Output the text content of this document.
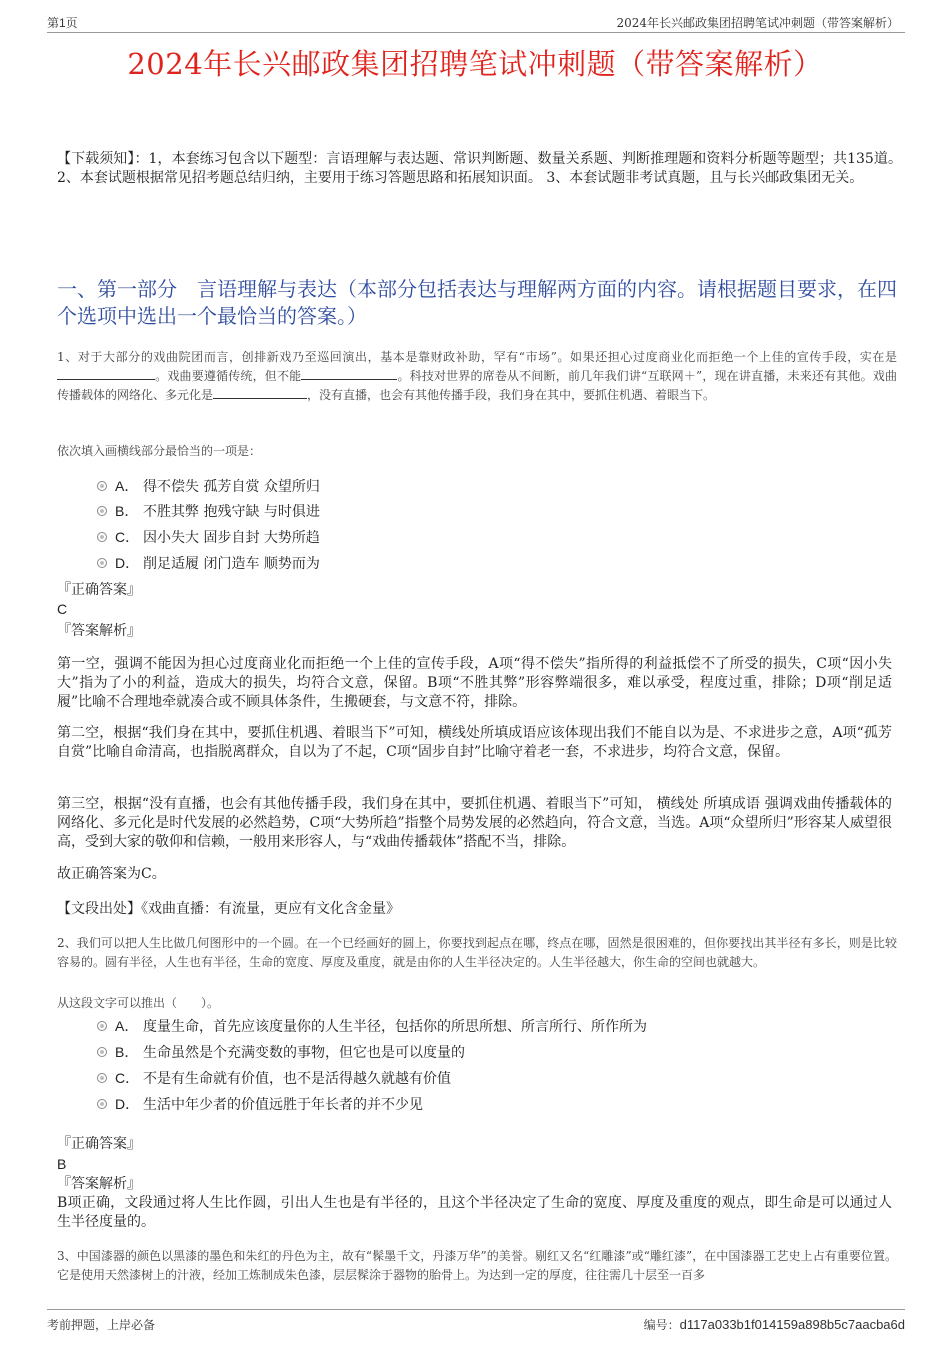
第1页	2024年长兴邮政集团招聘笔试冲刺题（带答案解析）
2024年长兴邮政集团招聘笔试冲刺题（带答案解析）
【下载须知】：1，本套练习包含以下题型：言语理解与表达题、常识判断题、数量关系题、判断推理题和资料分析题等题型；共135道。 2、本套试题根据常见招考题总结归纳，主要用于练习答题思路和拓展知识面。 3、本套试题非考试真题，且与长兴邮政集团无关。
一、第一部分　言语理解与表达（本部分包括表达与理解两方面的内容。请根据题目要求，在四个选项中选出一个最恰当的答案。）
1、对于大部分的戏曲院团而言，创排新戏乃至巡回演出，基本是靠财政补助，罕有“市场”。如果还担心过度商业化而拒绝一个上佳的宣传手段，实在是。戏曲要遵循传统，但不能	。科技对世界的席卷从不间断，前几年我们讲“互联网＋”，现在讲直播，未来还有其他。戏曲传播载体的网络化、多元化是	，没有直播，也会有其他传播手段，我们身在其中，要抓住机遇、着眼当下。
依次填入画横线部分最恰当的一项是：
A． 得不偿失 孤芳自赏 众望所归
B． 不胜其弊 抱残守缺 与时俱进
C． 因小失大 固步自封 大势所趋
D． 削足适履 闭门造车 顺势而为
『正确答案』
C
『答案解析』
第一空，强调不能因为担心过度商业化而拒绝一个上佳的宣传手段，A项“得不偿失”指所得的利益抵偿不了所受的损失，C项“因小失大”指为了小的利益，造成大的损失，均符合文意，保留。B项“不胜其弊”形容弊端很多，难以承受，程度过重，排除；D项“削足适履”比喻不合理地牵就凑合或不顾具体条件，生搬硬套，与文意不符，排除。
第二空，根据“我们身在其中，要抓住机遇、着眼当下”可知，横线处所填成语应该体现出我们不能自以为是、不求进步之意，A项“孤芳自赏”比喻自命清高，也指脱离群众，自以为了不起，C项“固步自封”比喻守着老一套，不求进步，均符合文意，保留。
第三空，根据“没有直播，也会有其他传播手段，我们身在其中，要抓住机遇、着眼当下”可知， 横线处 所填成语 强调戏曲传播载体的网络化、多元化是时代发展的必然趋势，C项“大势所趋”指整个局势发展的必然趋向，符合文意，当选。A项“众望所归”形容某人威望很高，受到大家的敬仰和信赖，一般用来形容人，与“戏曲传播载体”搭配不当，排除。
故正确答案为C。
【文段出处】《戏曲直播：有流量，更应有文化含金量》
2、我们可以把人生比做几何图形中的一个圆。在一个已经画好的圆上，你要找到起点在哪，终点在哪，固然是很困难的，但你要找出其半径有多长，则是比较容易的。圆有半径，人生也有半径，生命的宽度、厚度及重度，就是由你的人生半径决定的。人生半径越大，你生命的空间也就越大。
从这段文字可以推出（　　）。
A． 度量生命，首先应该度量你的人生半径，包括你的所思所想、所言所行、所作所为
B． 生命虽然是个充满变数的事物，但它也是可以度量的
C． 不是有生命就有价值，也不是活得越久就越有价值
D． 生活中年少者的价值远胜于年长者的并不少见
『正确答案』
B
『答案解析』
B项正确，文段通过将人生比作圆，引出人生也是有半径的，且这个半径决定了生命的宽度、厚度及重度的观点，即生命是可以通过人生半径度量的。
3、中国漆器的颜色以黑漆的墨色和朱红的丹色为主，故有“髹墨千文，丹漆万华”的美誉。剔红又名“红雕漆”或“雕红漆”，在中国漆器工艺史上占有重要位置。它是使用天然漆树上的汁液，经加工炼制成朱色漆，层层髹涂于器物的胎骨上。为达到一定的厚度，往往需几十层至一百多
考前押题，上岸必备	编号：d117a033b1f014159a898b5c7aacba6d
